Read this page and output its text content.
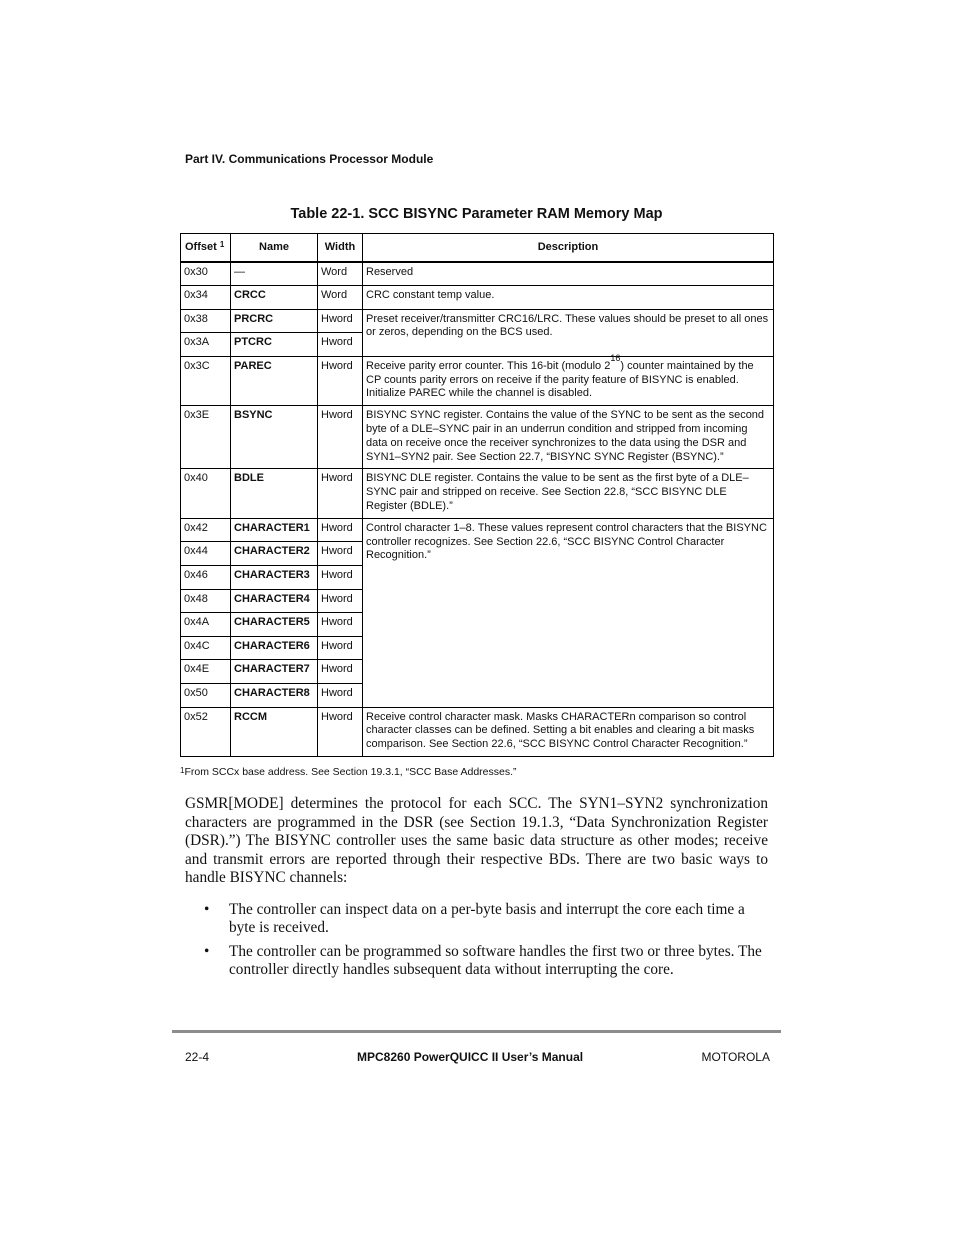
Part IV. Communications Processor Module
Table 22-1. SCC BISYNC Parameter RAM Memory Map
Offset $^1$	Name	Width	Description
0x30	—	Word	Reserved
0x34	CRCC	Word	CRC constant temp value.
0x38	PRCRC	Hword	Preset receiver/transmitter CRC16/LRC. These values should be preset to all ones or zeros, depending on the BCS used.
0x3A	PTCRC	Hword	
0x3C	PAREC	Hword	Receive parity error counter. This 16-bit (modulo $2^{16}$) counter maintained by the CP counts parity errors on receive if the parity feature of BISYNC is enabled. Initialize PAREC while the channel is disabled.
0x3E	BSYNC	Hword	BISYNC SYNC register. Contains the value of the SYNC to be sent as the second byte of a DLE–SYNC pair in an underrun condition and stripped from incoming data on receive once the receiver synchronizes to the data using the DSR and SYN1–SYN2 pair. See Section 22.7, “BISYNC SYNC Register (BSYNC).”
0x40	BDLE	Hword	BISYNC DLE register. Contains the value to be sent as the first byte of a DLE–SYNC pair and stripped on receive. See Section 22.8, “SCC BISYNC DLE Register (BDLE).”
0x42	CHARACTER1	Hword	Control character 1–8. These values represent control characters that the BISYNC controller recognizes. See Section 22.6, “SCC BISYNC Control Character Recognition.”
0x44	CHARACTER2	Hword	
0x46	CHARACTER3	Hword	
0x48	CHARACTER4	Hword	
0x4A	CHARACTER5	Hword	
0x4C	CHARACTER6	Hword	
0x4E	CHARACTER7	Hword	
0x50	CHARACTER8	Hword	
0x52	RCCM	Hword	Receive control character mask. Masks CHARACTERn comparison so control character classes can be defined. Setting a bit enables and clearing a bit masks comparison. See Section 22.6, “SCC BISYNC Control Character Recognition.”
$^1$From SCCx base address. See Section 19.3.1, “SCC Base Addresses.”
GSMR[MODE] determines the protocol for each SCC. The SYN1–SYN2 synchronization characters are programmed in the DSR (see Section 19.1.3, “Data Synchronization Register (DSR).”) The BISYNC controller uses the same basic data structure as other modes; receive and transmit errors are reported through their respective BDs. There are two basic ways to handle BISYNC channels:
• The controller can inspect data on a per-byte basis and interrupt the core each time a byte is received.
• The controller can be programmed so software handles the first two or three bytes. The controller directly handles subsequent data without interrupting the core.
22-4	MPC8260 PowerQUICC II User’s Manual	MOTOROLA
